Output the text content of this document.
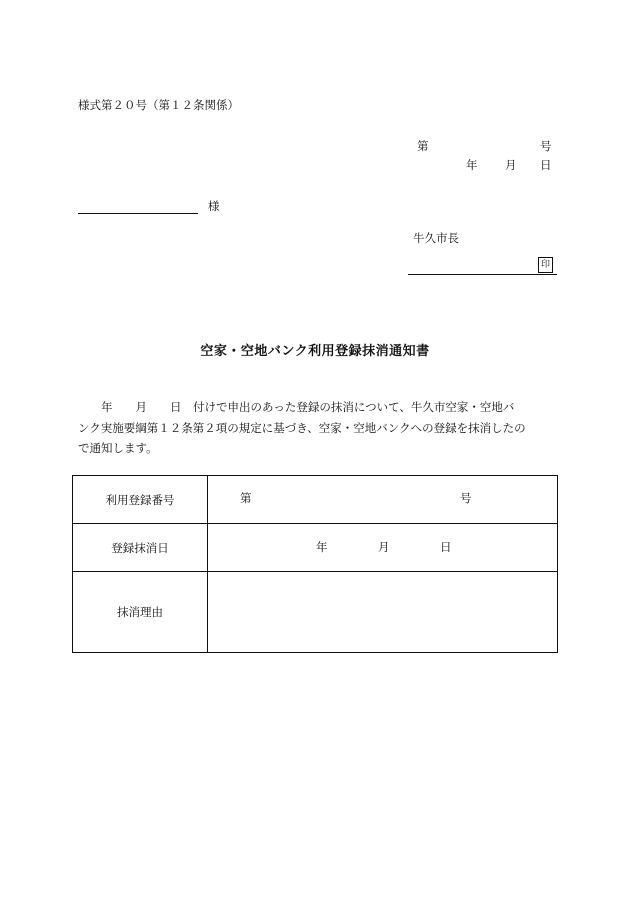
様式第２０号（第１２条関係）
第	号
年 月 日
様
牛久市長
印
空家・空地バンク利用登録抹消通知書
　　年　　月　　日　付けで申出のあった登録の抹消について、牛久市空家・空地バ
ンク実施要綱第１２条第２項の規定に基づき、空家・空地バンクへの登録を抹消したの
で通知します。
利用登録番号	第 号

登録抹消日	年 月 日

抹消理由	
